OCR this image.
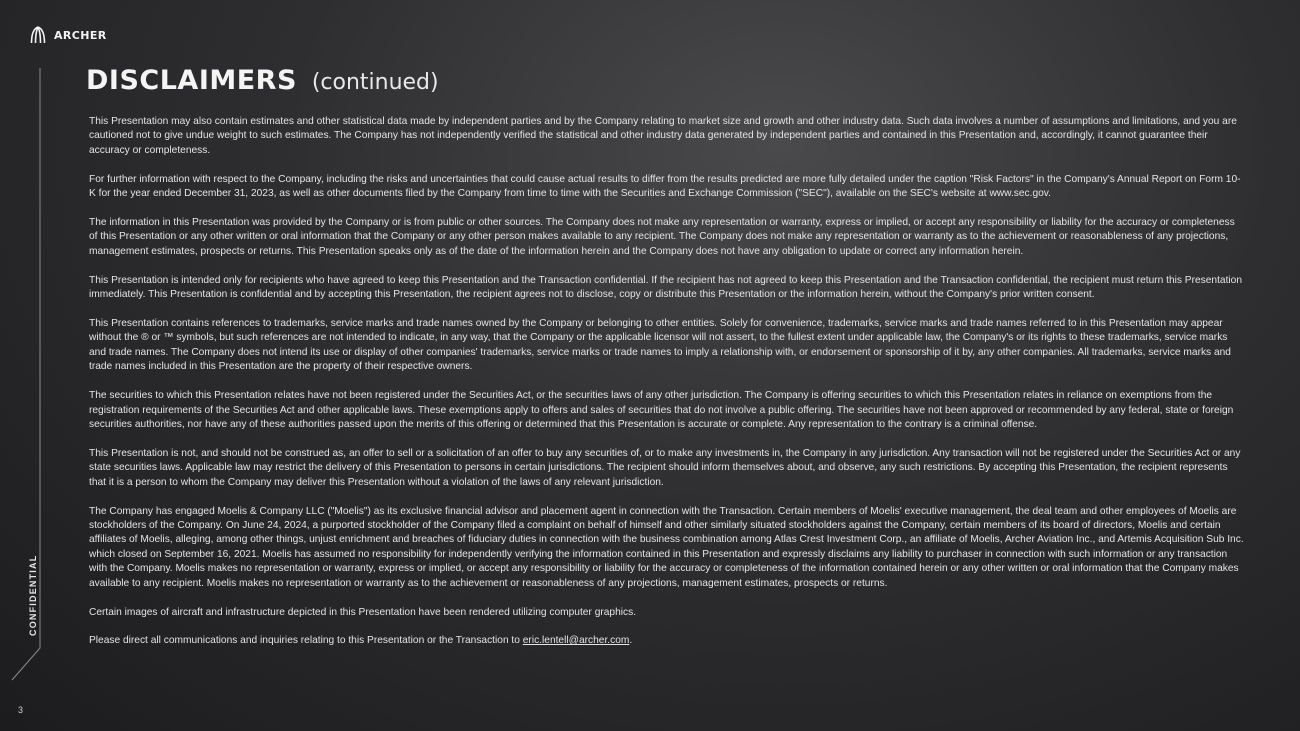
ARCHER
CONFIDENTIAL
3
DISCLAIMERS (continued)

This Presentation may also contain estimates and other statistical data made by independent parties and by the Company relating to market size and growth and other industry data. Such data involves a number of assumptions and limitations, and you are cautioned not to give undue weight to such estimates. The Company has not independently verified the statistical and other industry data generated by independent parties and contained in this Presentation and, accordingly, it cannot guarantee their accuracy or completeness.

For further information with respect to the Company, including the risks and uncertainties that could cause actual results to differ from the results predicted are more fully detailed under the caption "Risk Factors" in the Company's Annual Report on Form 10-K for the year ended December 31, 2023, as well as other documents filed by the Company from time to time with the Securities and Exchange Commission ("SEC"), available on the SEC's website at www.sec.gov.

The information in this Presentation was provided by the Company or is from public or other sources. The Company does not make any representation or warranty, express or implied, or accept any responsibility or liability for the accuracy or completeness of this Presentation or any other written or oral information that the Company or any other person makes available to any recipient. The Company does not make any representation or warranty as to the achievement or reasonableness of any projections, management estimates, prospects or returns. This Presentation speaks only as of the date of the information herein and the Company does not have any obligation to update or correct any information herein.

This Presentation is intended only for recipients who have agreed to keep this Presentation and the Transaction confidential. If the recipient has not agreed to keep this Presentation and the Transaction confidential, the recipient must return this Presentation immediately. This Presentation is confidential and by accepting this Presentation, the recipient agrees not to disclose, copy or distribute this Presentation or the information herein, without the Company's prior written consent.

This Presentation contains references to trademarks, service marks and trade names owned by the Company or belonging to other entities. Solely for convenience, trademarks, service marks and trade names referred to in this Presentation may appear without the ® or ™ symbols, but such references are not intended to indicate, in any way, that the Company or the applicable licensor will not assert, to the fullest extent under applicable law, the Company's or its rights to these trademarks, service marks and trade names. The Company does not intend its use or display of other companies' trademarks, service marks or trade names to imply a relationship with, or endorsement or sponsorship of it by, any other companies. All trademarks, service marks and trade names included in this Presentation are the property of their respective owners.

The securities to which this Presentation relates have not been registered under the Securities Act, or the securities laws of any other jurisdiction. The Company is offering securities to which this Presentation relates in reliance on exemptions from the registration requirements of the Securities Act and other applicable laws. These exemptions apply to offers and sales of securities that do not involve a public offering. The securities have not been approved or recommended by any federal, state or foreign securities authorities, nor have any of these authorities passed upon the merits of this offering or determined that this Presentation is accurate or complete. Any representation to the contrary is a criminal offense.

This Presentation is not, and should not be construed as, an offer to sell or a solicitation of an offer to buy any securities of, or to make any investments in, the Company in any jurisdiction. Any transaction will not be registered under the Securities Act or any state securities laws. Applicable law may restrict the delivery of this Presentation to persons in certain jurisdictions. The recipient should inform themselves about, and observe, any such restrictions. By accepting this Presentation, the recipient represents that it is a person to whom the Company may deliver this Presentation without a violation of the laws of any relevant jurisdiction.

The Company has engaged Moelis & Company LLC ("Moelis") as its exclusive financial advisor and placement agent in connection with the Transaction. Certain members of Moelis' executive management, the deal team and other employees of Moelis are stockholders of the Company. On June 24, 2024, a purported stockholder of the Company filed a complaint on behalf of himself and other similarly situated stockholders against the Company, certain members of its board of directors, Moelis and certain affiliates of Moelis, alleging, among other things, unjust enrichment and breaches of fiduciary duties in connection with the business combination among Atlas Crest Investment Corp., an affiliate of Moelis, Archer Aviation Inc., and Artemis Acquisition Sub Inc. which closed on September 16, 2021. Moelis has assumed no responsibility for independently verifying the information contained in this Presentation and expressly disclaims any liability to purchaser in connection with such information or any transaction with the Company. Moelis makes no representation or warranty, express or implied, or accept any responsibility or liability for the accuracy or completeness of the information contained herein or any other written or oral information that the Company makes available to any recipient. Moelis makes no representation or warranty as to the achievement or reasonableness of any projections, management estimates, prospects or returns.

Certain images of aircraft and infrastructure depicted in this Presentation have been rendered utilizing computer graphics.

Please direct all communications and inquiries relating to this Presentation or the Transaction to eric.lentell@archer.com.
